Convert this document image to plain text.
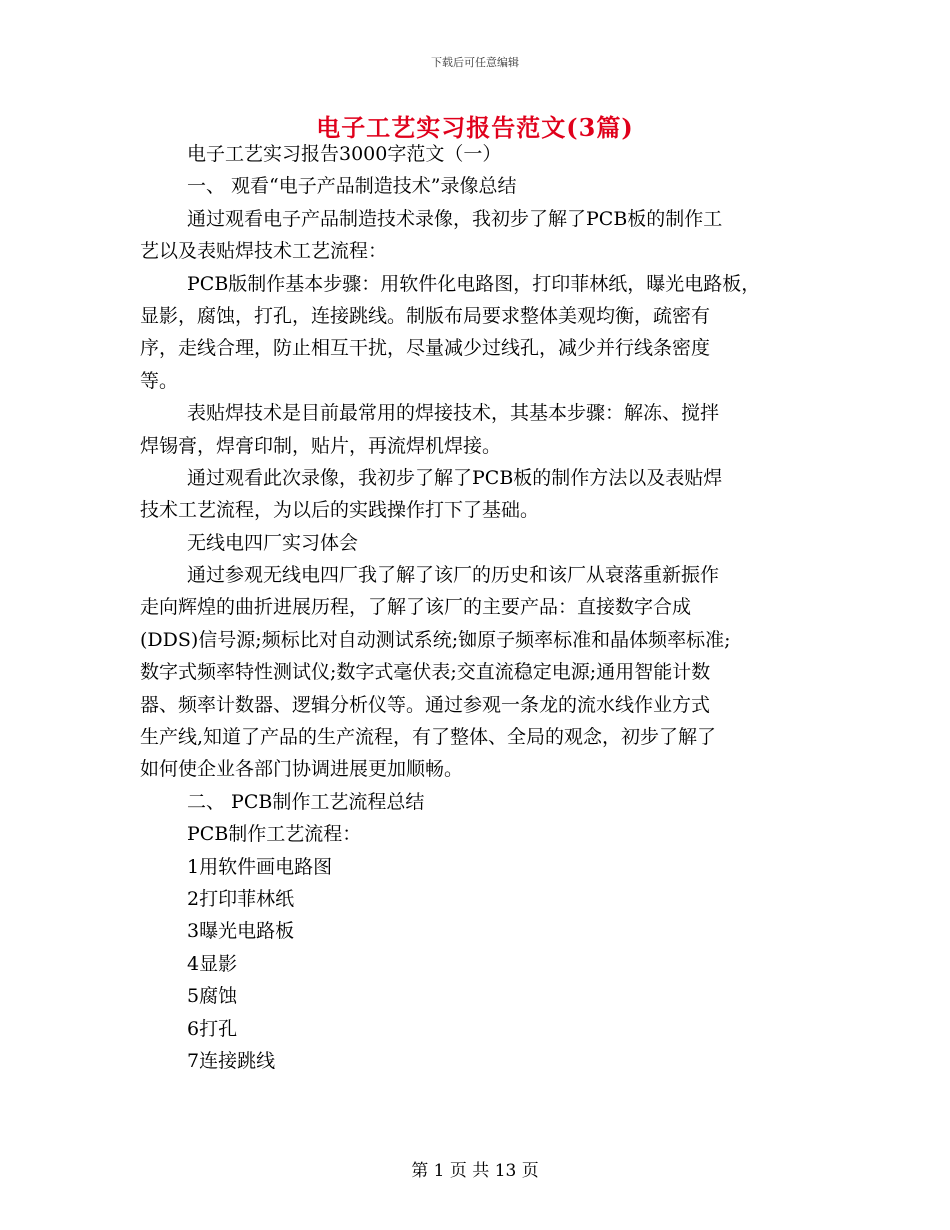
下载后可任意编辑
电子工艺实习报告范文(3篇)
电子工艺实习报告3000字范文（一）
一、 观看“电子产品制造技术”录像总结
通过观看电子产品制造技术录像，我初步了解了PCB板的制作工
艺以及表贴焊技术工艺流程：
PCB版制作基本步骤：用软件化电路图，打印菲林纸，曝光电路板，
显影，腐蚀，打孔，连接跳线。制版布局要求整体美观均衡，疏密有
序，走线合理，防止相互干扰，尽量减少过线孔，减少并行线条密度
等。
表贴焊技术是目前最常用的焊接技术，其基本步骤：解冻、搅拌
焊锡膏，焊膏印制，贴片，再流焊机焊接。
通过观看此次录像，我初步了解了PCB板的制作方法以及表贴焊
技术工艺流程，为以后的实践操作打下了基础。
无线电四厂实习体会
通过参观无线电四厂我了解了该厂的历史和该厂从衰落重新振作
走向辉煌的曲折进展历程，了解了该厂的主要产品：直接数字合成
(DDS)信号源;频标比对自动测试系统;铷原子频率标准和晶体频率标准;
数字式频率特性测试仪;数字式毫伏表;交直流稳定电源;通用智能计数
器、频率计数器、逻辑分析仪等。通过参观一条龙的流水线作业方式
生产线,知道了产品的生产流程，有了整体、全局的观念，初步了解了
如何使企业各部门协调进展更加顺畅。
二、 PCB制作工艺流程总结
PCB制作工艺流程：
1用软件画电路图
2打印菲林纸
3曝光电路板
4显影
5腐蚀
6打孔
7连接跳线
第 1 页 共 13 页
